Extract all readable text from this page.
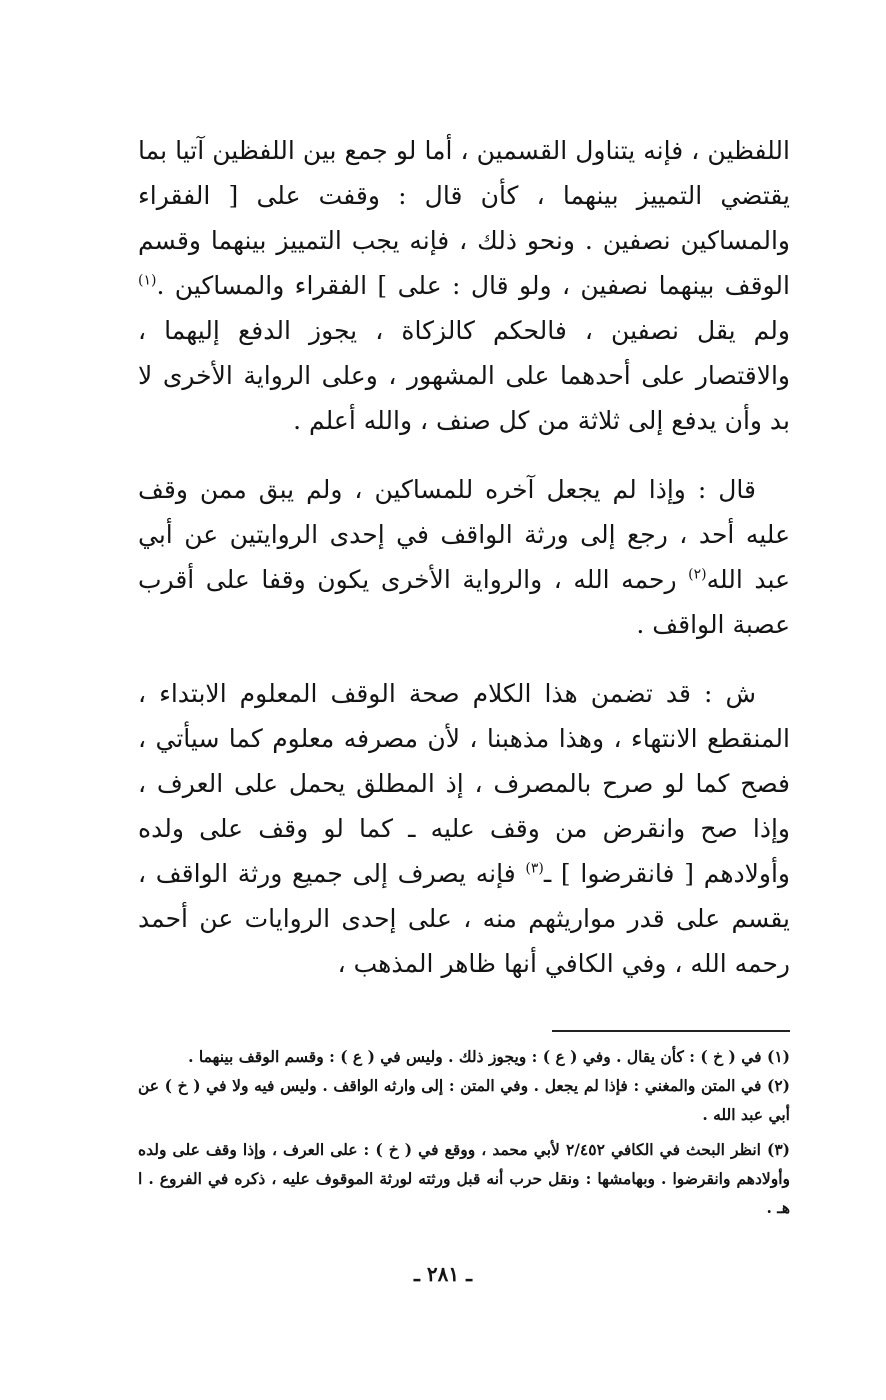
اللفظين ، فإنه يتناول القسمين ، أما لو جمع بين اللفظين آتيا بما يقتضي التمييز بينهما ، كأن قال : وقفت على [ الفقراء والمساكين نصفين . ونحو ذلك ، فإنه يجب التمييز بينهما وقسم الوقف بينهما نصفين ، ولو قال : على ] الفقراء والمساكين .$^{(١)}$ ولم يقل نصفين ، فالحكم كالزكاة ، يجوز الدفع إليهما ، والاقتصار على أحدهما على المشهور ، وعلى الرواية الأخرى لا بد وأن يدفع إلى ثلاثة من كل صنف ، والله أعلم .

قال : وإذا لم يجعل آخره للمساكين ، ولم يبق ممن وقف عليه أحد ، رجع إلى ورثة الواقف في إحدى الروايتين عن أبي عبد الله$^{(٢)}$ رحمه الله ، والرواية الأخرى يكون وقفا على أقرب عصبة الواقف .

ش : قد تضمن هذا الكلام صحة الوقف المعلوم الابتداء ، المنقطع الانتهاء ، وهذا مذهبنا ، لأن مصرفه معلوم كما سيأتي ، فصح كما لو صرح بالمصرف ، إذ المطلق يحمل على العرف ، وإذا صح وانقرض من وقف عليه ـ كما لو وقف على ولده وأولادهم [ فانقرضوا ] ـ$^{(٣)}$ فإنه يصرف إلى جميع ورثة الواقف ، يقسم على قدر مواريثهم منه ، على إحدى الروايات عن أحمد رحمه الله ، وفي الكافي أنها ظاهر المذهب ،

(١) في ( خ ) : كأن يقال . وفي ( ع ) : ويجوز ذلك . وليس في ( ع ) : وقسم الوقف بينهما .

(٢) في المتن والمغني : فإذا لم يجعل . وفي المتن : إلى وارثه الواقف . وليس فيه ولا في ( خ ) عن أبي عبد الله .

(٣) انظر البحث في الكافي ٢/٤٥٢ لأبي محمد ، ووقع في ( خ ) : على العرف ، وإذا وقف على ولده وأولادهم وانقرضوا . وبهامشها : ونقل حرب أنه قبل ورثته لورثة الموقوف عليه ، ذكره في الفروع . ا هـ .

ـ ٢٨١ ـ
